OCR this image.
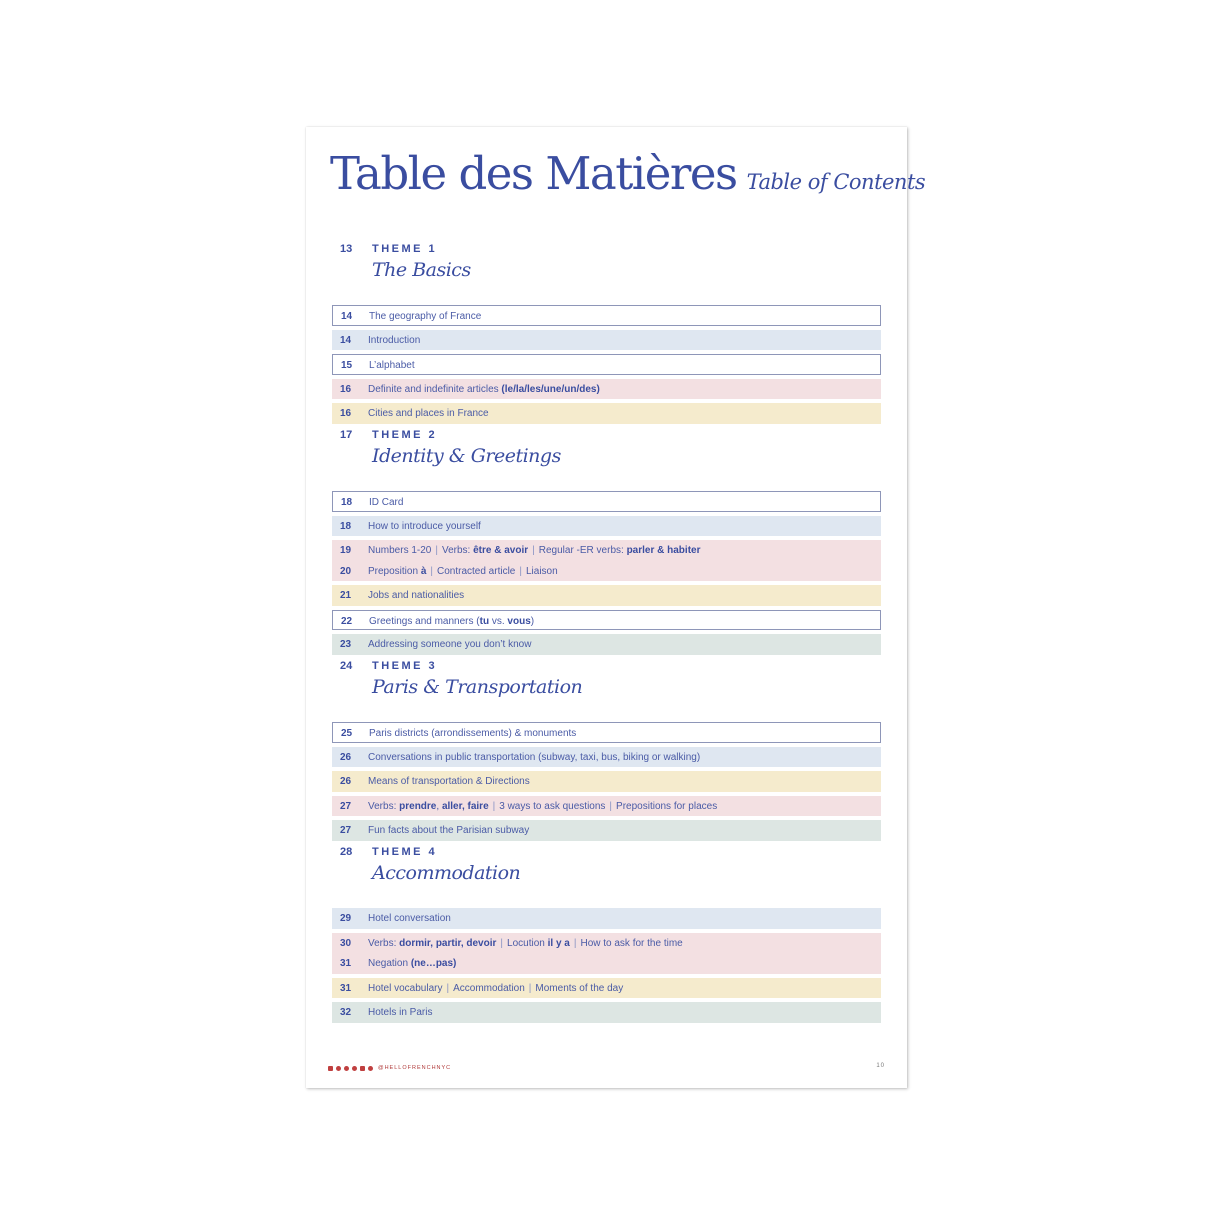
Table des Matières Table of Contents
13 THEME 1
The Basics
14 The geography of France
14 Introduction
15 L’alphabet
16 Definite and indefinite articles (le/la/les/une/un/des)
16 Cities and places in France
17 THEME 2
Identity & Greetings
18 ID Card
18 How to introduce yourself
19 Numbers 1-20 | Verbs: être & avoir | Regular -ER verbs: parler & habiter
20 Preposition à | Contracted article | Liaison
21 Jobs and nationalities
22 Greetings and manners (tu vs. vous)
23 Addressing someone you don’t know
24 THEME 3
Paris & Transportation
25 Paris districts (arrondissements) & monuments
26 Conversations in public transportation (subway, taxi, bus, biking or walking)
26 Means of transportation & Directions
27 Verbs: prendre, aller, faire | 3 ways to ask questions | Prepositions for places
27 Fun facts about the Parisian subway
28 THEME 4
Accommodation
29 Hotel conversation
30 Verbs: dormir, partir, devoir | Locution il y a | How to ask for the time
31 Negation (ne…pas)
31 Hotel vocabulary | Accommodation | Moments of the day
32 Hotels in Paris
@HELLOFRENCHNYC	10
